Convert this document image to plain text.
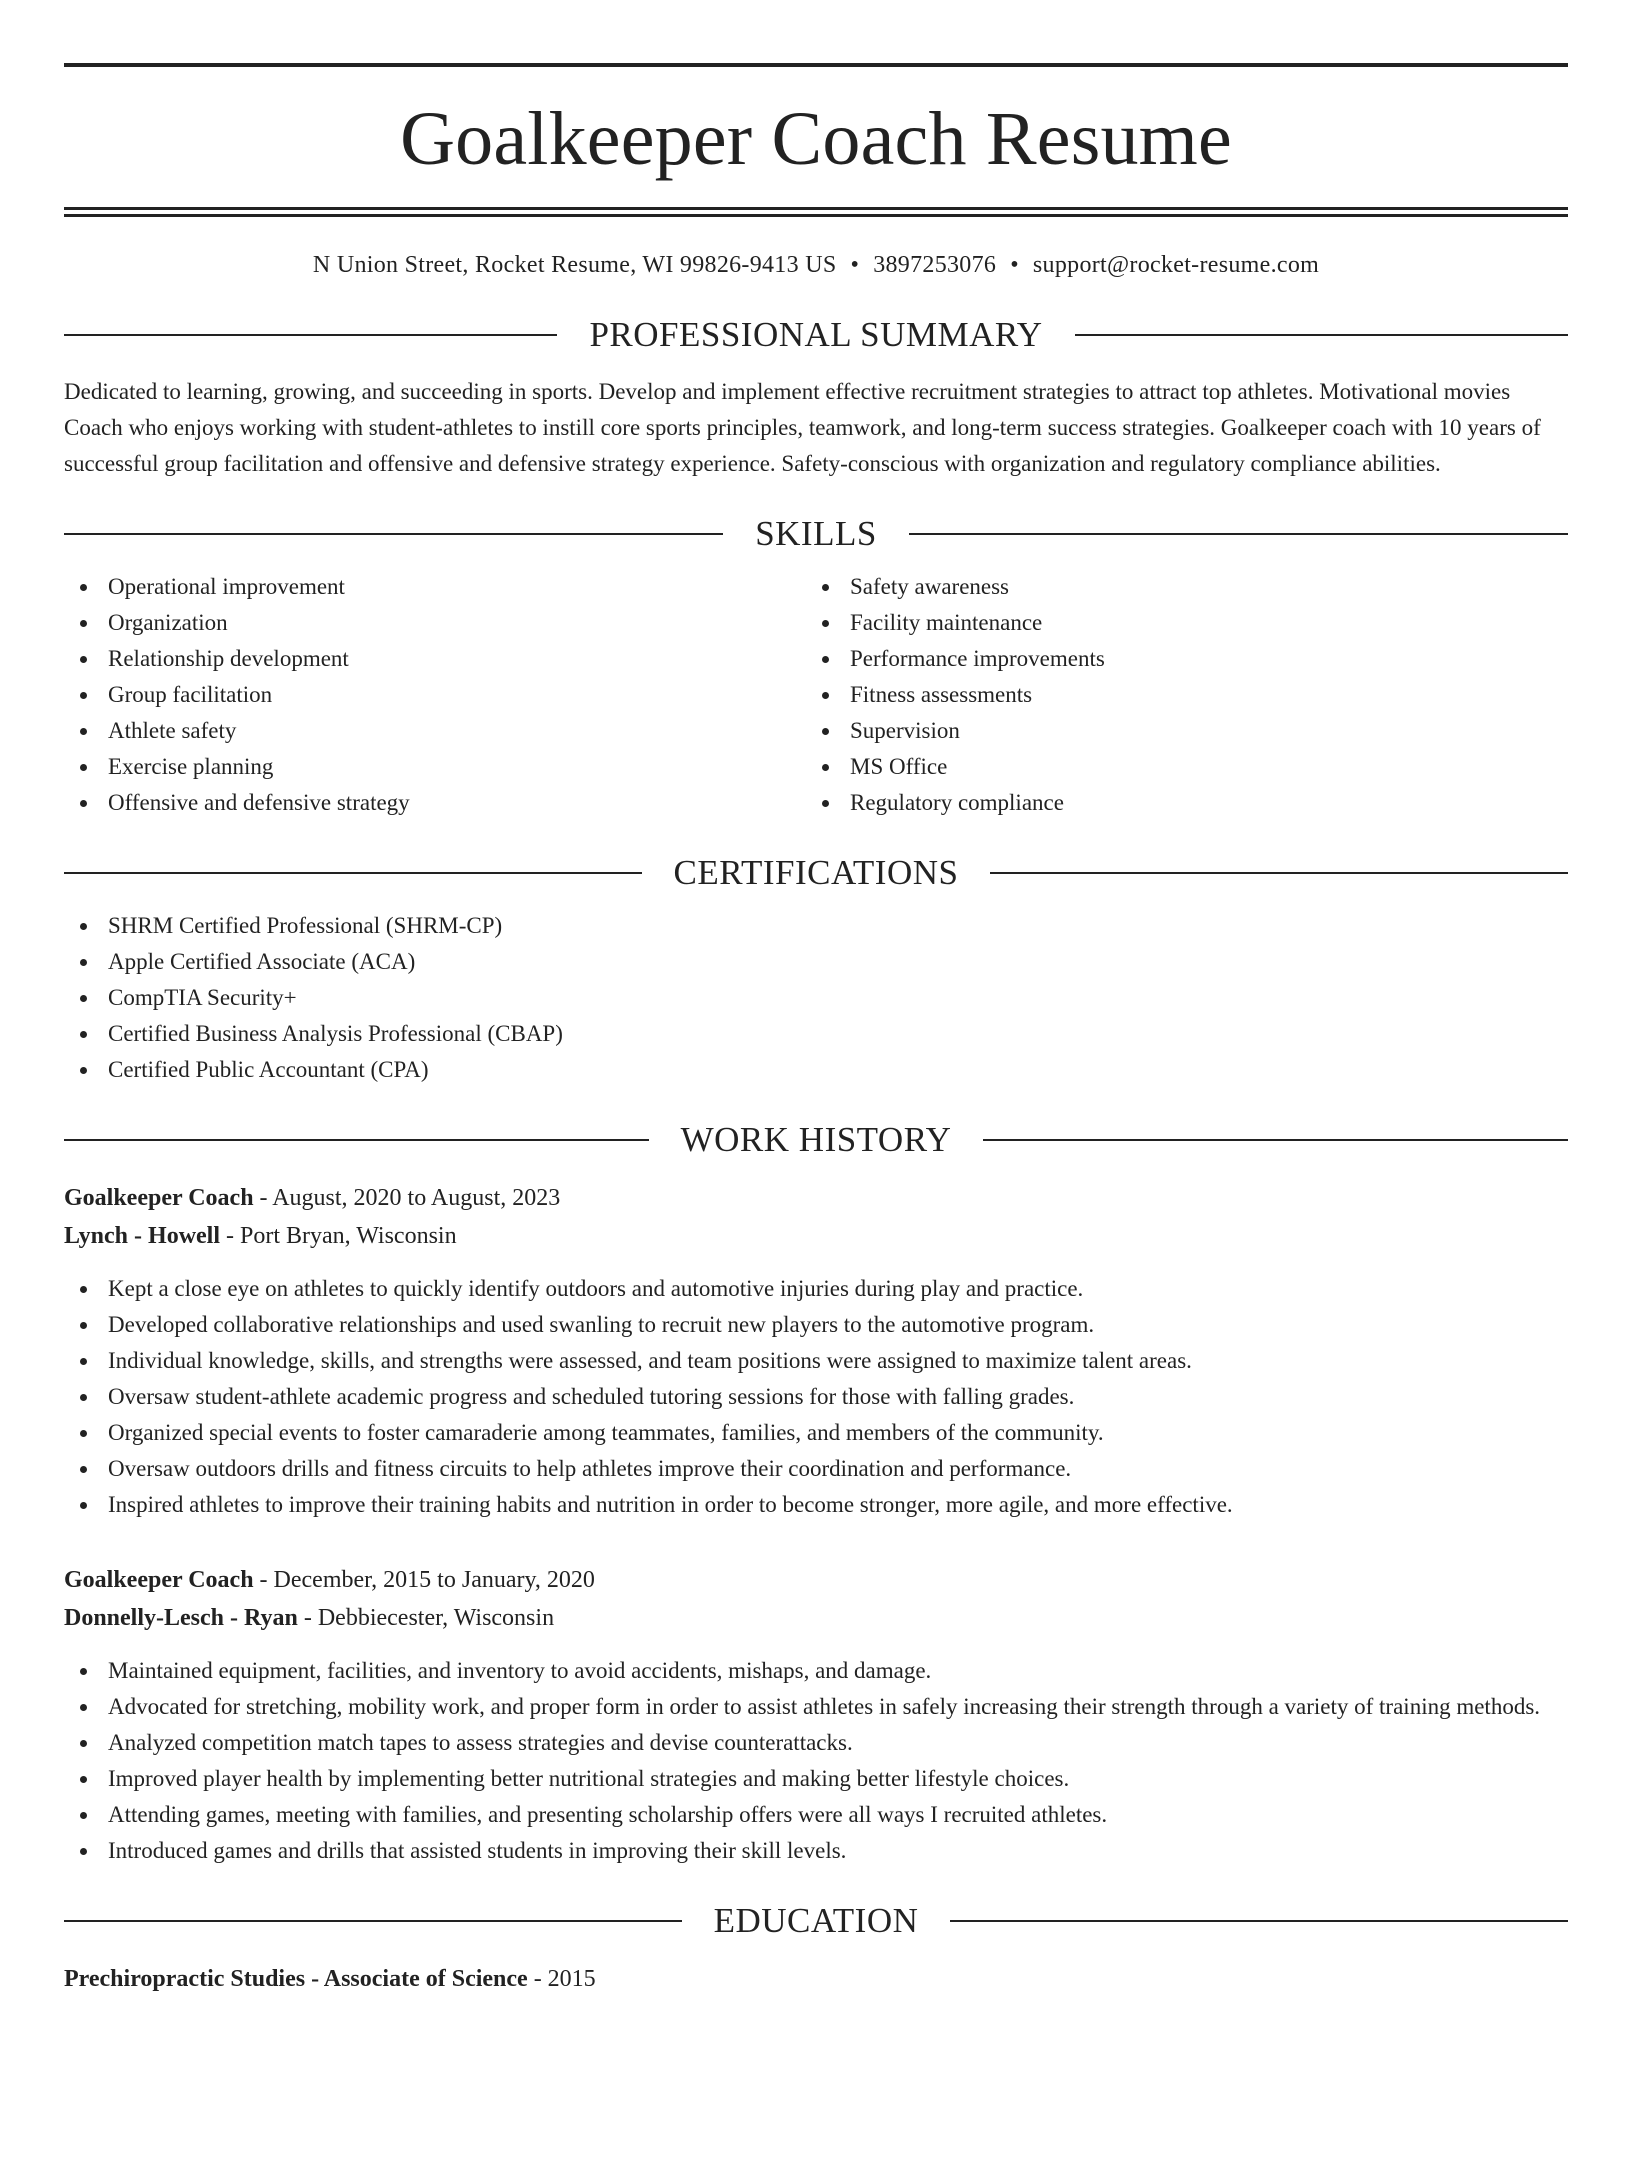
Goalkeeper Coach Resume
N Union Street, Rocket Resume, WI 99826-9413 US • 3897253076 • support@rocket-resume.com
PROFESSIONAL SUMMARY

Dedicated to learning, growing, and succeeding in sports. Develop and implement effective recruitment strategies to attract top athletes. Motivational movies Coach who enjoys working with student-athletes to instill core sports principles, teamwork, and long-term success strategies. Goalkeeper coach with 10 years of successful group facilitation and offensive and defensive strategy experience. Safety-conscious with organization and regulatory compliance abilities.

SKILLS
Operational improvement
Organization
Relationship development
Group facilitation
Athlete safety
Exercise planning
Offensive and defensive strategy
Safety awareness
Facility maintenance
Performance improvements
Fitness assessments
Supervision
MS Office
Regulatory compliance
CERTIFICATIONS
SHRM Certified Professional (SHRM-CP)
Apple Certified Associate (ACA)
CompTIA Security+
Certified Business Analysis Professional (CBAP)
Certified Public Accountant (CPA)
WORK HISTORY
Goalkeeper Coach - August, 2020 to August, 2023
Lynch - Howell - Port Bryan, Wisconsin
Kept a close eye on athletes to quickly identify outdoors and automotive injuries during play and practice.
Developed collaborative relationships and used swanling to recruit new players to the automotive program.
Individual knowledge, skills, and strengths were assessed, and team positions were assigned to maximize talent areas.
Oversaw student-athlete academic progress and scheduled tutoring sessions for those with falling grades.
Organized special events to foster camaraderie among teammates, families, and members of the community.
Oversaw outdoors drills and fitness circuits to help athletes improve their coordination and performance.
Inspired athletes to improve their training habits and nutrition in order to become stronger, more agile, and more effective.
Goalkeeper Coach - December, 2015 to January, 2020
Donnelly-Lesch - Ryan - Debbiecester, Wisconsin
Maintained equipment, facilities, and inventory to avoid accidents, mishaps, and damage.
Advocated for stretching, mobility work, and proper form in order to assist athletes in safely increasing their strength through a variety of training methods.
Analyzed competition match tapes to assess strategies and devise counterattacks.
Improved player health by implementing better nutritional strategies and making better lifestyle choices.
Attending games, meeting with families, and presenting scholarship offers were all ways I recruited athletes.
Introduced games and drills that assisted students in improving their skill levels.
EDUCATION
Prechiropractic Studies - Associate of Science - 2015
